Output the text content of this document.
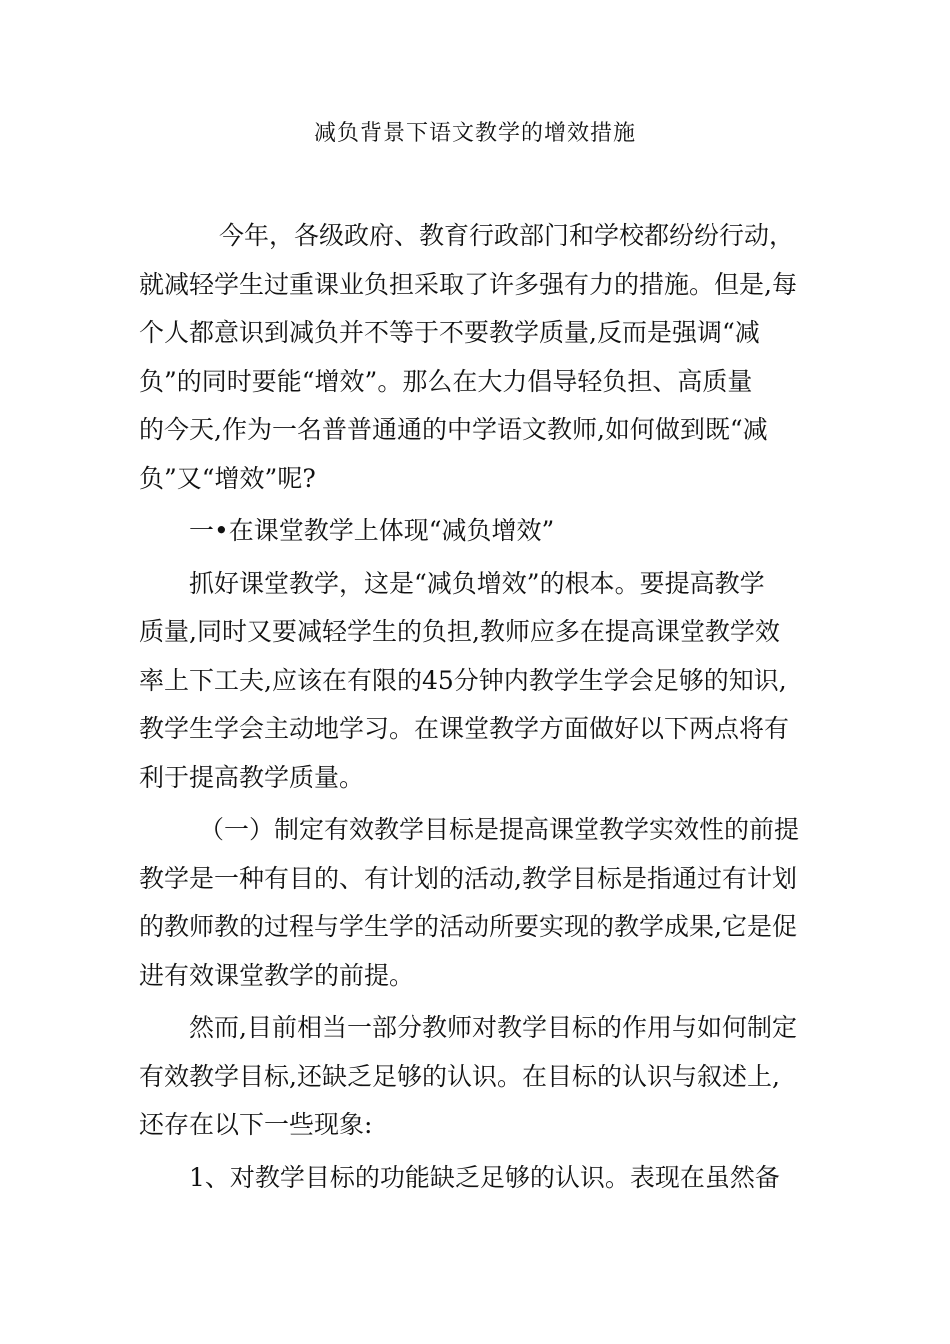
减负背景下语文教学的增效措施
今年，各级政府、教育行政部门和学校都纷纷行动，
就减轻学生过重课业负担采取了许多强有力的措施。但是,每
个人都意识到减负并不等于不要教学质量,反而是强调“减
负”的同时要能“增效”。那么在大力倡导轻负担、高质量
的今天,作为一名普普通通的中学语文教师,如何做到既“减
负”又“增效”呢?
一•在课堂教学上体现“减负增效”
抓好课堂教学，这是“减负增效”的根本。要提高教学
质量,同时又要减轻学生的负担,教师应多在提高课堂教学效
率上下工夫,应该在有限的45分钟内教学生学会足够的知识,
教学生学会主动地学习。在课堂教学方面做好以下两点将有
利于提高教学质量。
（一）制定有效教学目标是提高课堂教学实效性的前提
教学是一种有目的、有计划的活动,教学目标是指通过有计划
的教师教的过程与学生学的活动所要实现的教学成果,它是促
进有效课堂教学的前提。
然而,目前相当一部分教师对教学目标的作用与如何制定
有效教学目标,还缺乏足够的认识。在目标的认识与叙述上,
还存在以下一些现象:
1、对教学目标的功能缺乏足够的认识。表现在虽然备
